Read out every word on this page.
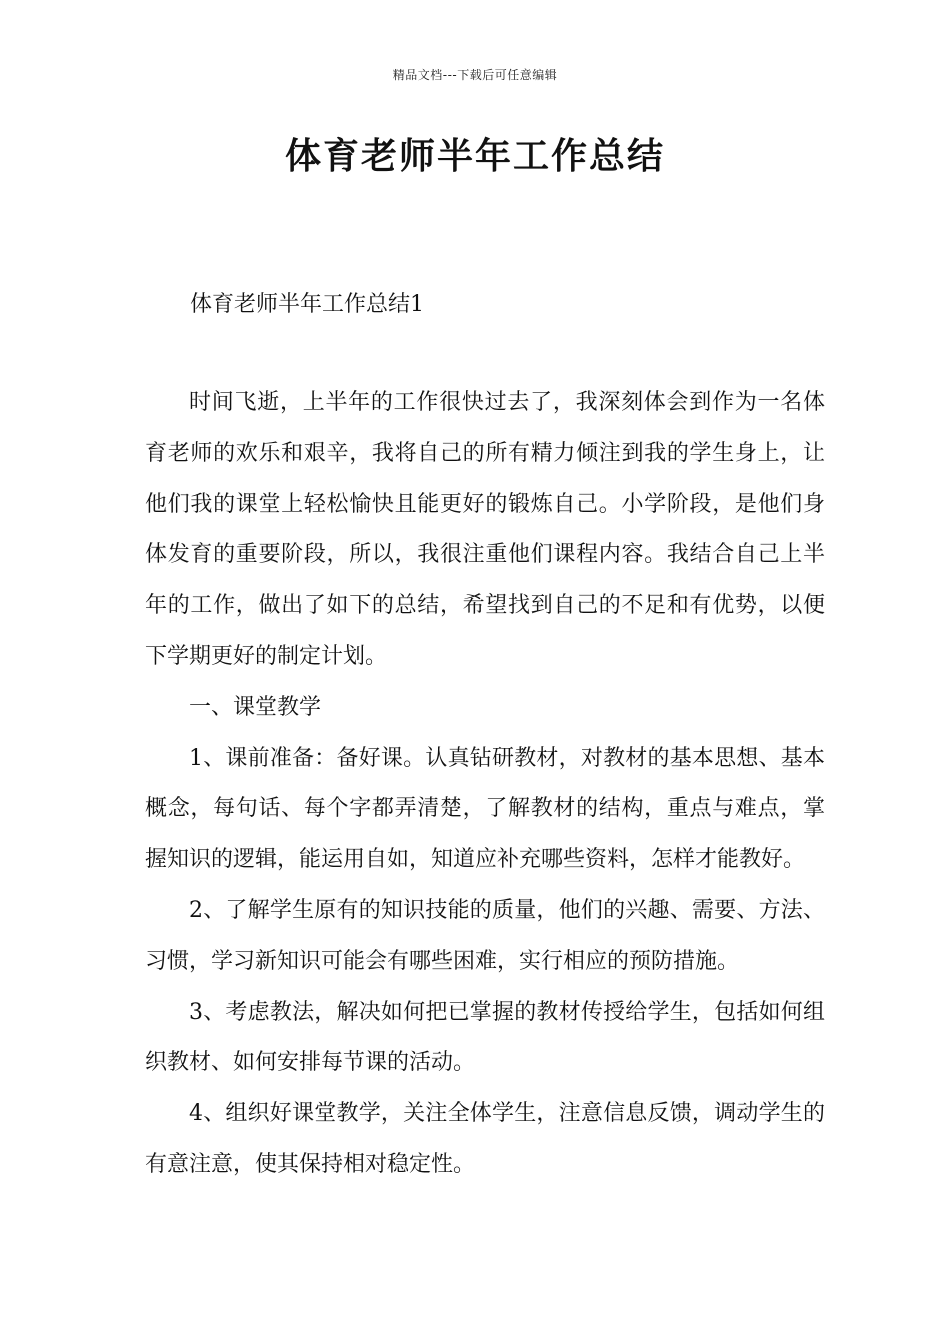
精品文档---下载后可任意编辑
体育老师半年工作总结
体育老师半年工作总结1

时间飞逝，上半年的工作很快过去了，我深刻体会到作为一名体育老师的欢乐和艰辛，我将自己的所有精力倾注到我的学生身上，让他们我的课堂上轻松愉快且能更好的锻炼自己。小学阶段，是他们身体发育的重要阶段，所以，我很注重他们课程内容。我结合自己上半年的工作，做出了如下的总结，希望找到自己的不足和有优势，以便下学期更好的制定计划。

一、课堂教学

1、课前准备：备好课。认真钻研教材，对教材的基本思想、基本概念，每句话、每个字都弄清楚，了解教材的结构，重点与难点，掌握知识的逻辑，能运用自如，知道应补充哪些资料，怎样才能教好。

2、了解学生原有的知识技能的质量，他们的兴趣、需要、方法、习惯，学习新知识可能会有哪些困难，实行相应的预防措施。

3、考虑教法，解决如何把已掌握的教材传授给学生，包括如何组织教材、如何安排每节课的活动。

4、组织好课堂教学，关注全体学生，注意信息反馈，调动学生的有意注意，使其保持相对稳定性。
